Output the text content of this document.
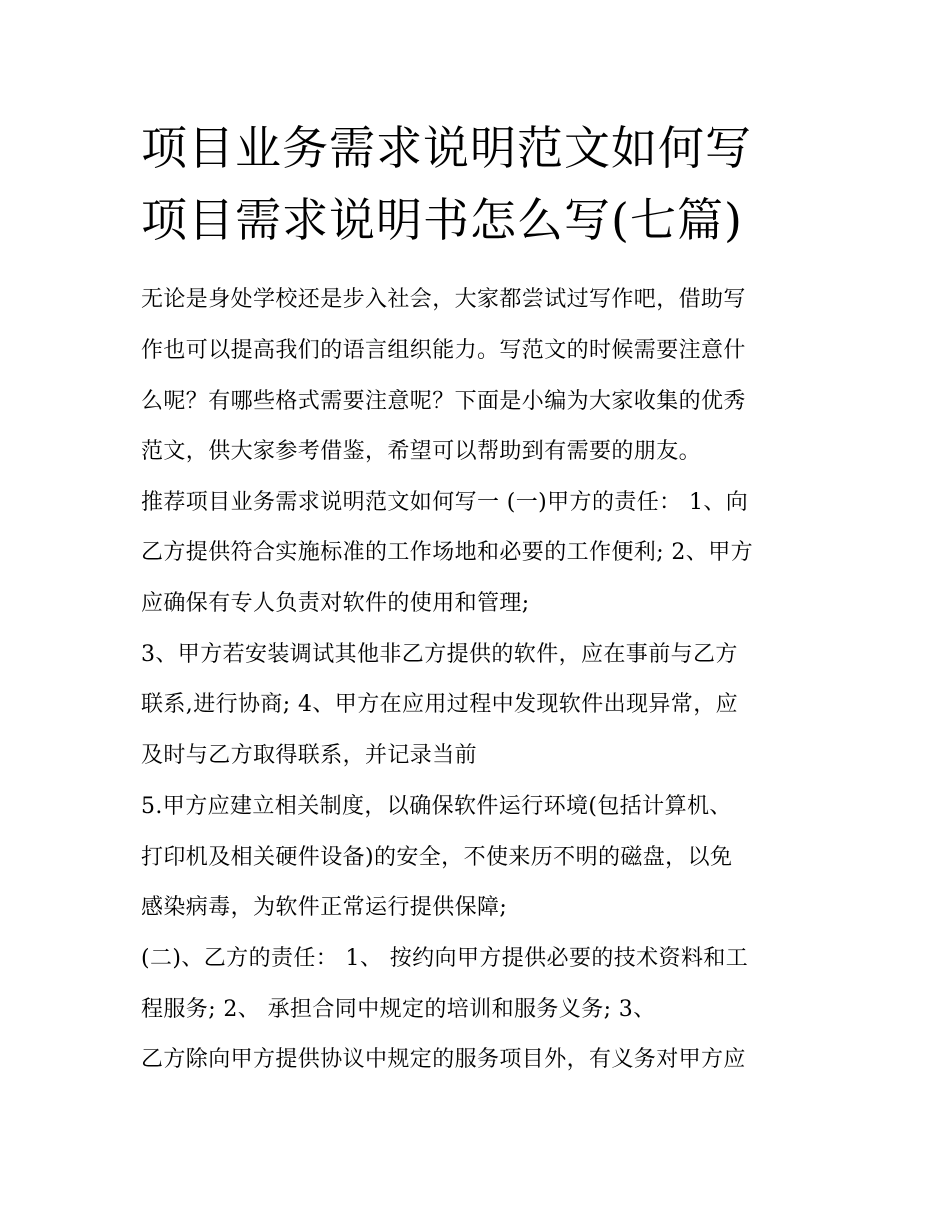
项目业务需求说明范文如何写
项目需求说明书怎么写(七篇)
无论是身处学校还是步入社会，大家都尝试过写作吧，借助写
作也可以提高我们的语言组织能力。写范文的时候需要注意什
么呢？有哪些格式需要注意呢？下面是小编为大家收集的优秀
范文，供大家参考借鉴，希望可以帮助到有需要的朋友。
推荐项目业务需求说明范文如何写一 (一)甲方的责任： 1、向
乙方提供符合实施标准的工作场地和必要的工作便利; 2、甲方
应确保有专人负责对软件的使用和管理;
3、甲方若安装调试其他非乙方提供的软件，应在事前与乙方
联系,进行协商; 4、甲方在应用过程中发现软件出现异常，应
及时与乙方取得联系，并记录当前
5.甲方应建立相关制度，以确保软件运行环境(包括计算机、
打印机及相关硬件设备)的安全，不使来历不明的磁盘，以免
感染病毒，为软件正常运行提供保障;
(二)、乙方的责任： 1、 按约向甲方提供必要的技术资料和工
程服务; 2、 承担合同中规定的培训和服务义务; 3、
乙方除向甲方提供协议中规定的服务项目外，有义务对甲方应
